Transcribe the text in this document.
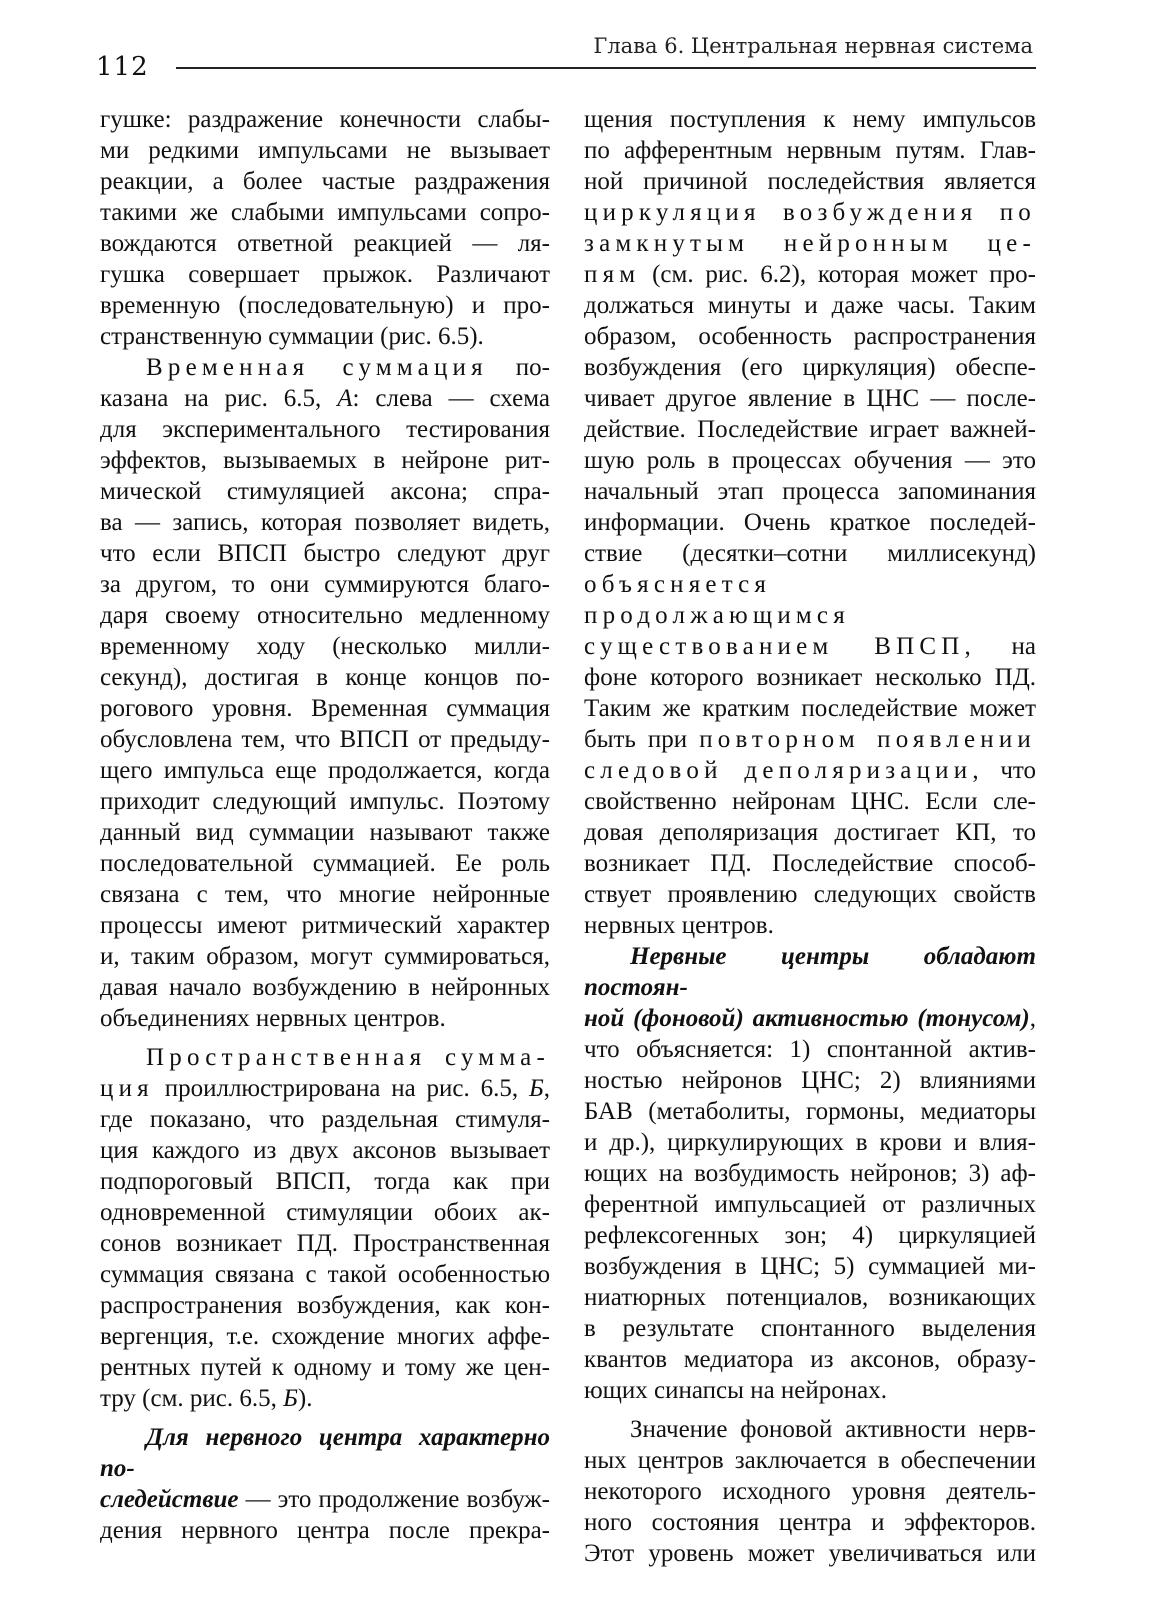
Глава 6. Центральная нервная система
112

гушке: раздражение конечности слабы-

ми редкими импульсами не вызывает

реакции, а более частые раздражения

такими же слабыми импульсами сопро-

вождаются ответной реакцией — ля-

гушка совершает прыжок. Различают

временную (последовательную) и про-

странственную суммации (рис. 6.5).

Временная суммация по-

казана на рис. 6.5, А: слева — схема

для экспериментального тестирования

эффектов, вызываемых в нейроне рит-

мической стимуляцией аксона; спра-

ва — запись, которая позволяет видеть,

что если ВПСП быстро следуют друг

за другом, то они суммируются благо-

даря своему относительно медленному

временному ходу (несколько милли-

секунд), достигая в конце концов по-

рогового уровня. Временная суммация

обусловлена тем, что ВПСП от предыду-

щего импульса еще продолжается, когда

приходит следующий импульс. Поэтому

данный вид суммации называют также

последовательной суммацией. Ее роль

связана с тем, что многие нейронные

процессы имеют ритмический характер

и, таким образом, могут суммироваться,

давая начало возбуждению в нейронных

объединениях нервных центров.

Пространственная сумма-

ция проиллюстрирована на рис. 6.5, Б,

где показано, что раздельная стимуля-

ция каждого из двух аксонов вызывает

подпороговый ВПСП, тогда как при

одновременной стимуляции обоих ак-

сонов возникает ПД. Пространственная

суммация связана с такой особенностью

распространения возбуждения, как кон-

вергенция, т.е. схождение многих аффе-

рентных путей к одному и тому же цен-

тру (см. рис. 6.5, Б).

Для нервного центра характерно по-

следействие — это продолжение возбуж-

дения нервного центра после прекра-

щения поступления к нему импульсов

по афферентным нервным путям. Глав-

ной причиной последействия является

циркуляция возбуждения по

замкнутым нейронным це-

пям (см. рис. 6.2), которая может про-

должаться минуты и даже часы. Таким

образом, особенность распространения

возбуждения (его циркуляция) обеспе-

чивает другое явление в ЦНС — после-

действие. Последействие играет важней-

шую роль в процессах обучения — это

начальный этап процесса запоминания

информации. Очень краткое последей-

ствие (десятки–сотни миллисекунд)

объясняется продолжающимся

существованием ВПСП, на

фоне которого возникает несколько ПД.

Таким же кратким последействие может

быть при повторном появлении

следовой деполяризации, что

свойственно нейронам ЦНС. Если сле-

довая деполяризация достигает КП, то

возникает ПД. Последействие способ-

ствует проявлению следующих свойств

нервных центров.

Нервные центры обладают постоян-

ной (фоновой) активностью (тонусом),

что объясняется: 1) спонтанной актив-

ностью нейронов ЦНС; 2) влияниями

БАВ (метаболиты, гормоны, медиаторы

и др.), циркулирующих в крови и влия-

ющих на возбудимость нейронов; 3) аф-

ферентной импульсацией от различных

рефлексогенных зон; 4) циркуляцией

возбуждения в ЦНС; 5) суммацией ми-

ниатюрных потенциалов, возникающих

в результате спонтанного выделения

квантов медиатора из аксонов, образу-

ющих синапсы на нейронах.

Значение фоновой активности нерв-

ных центров заключается в обеспечении

некоторого исходного уровня деятель-

ного состояния центра и эффекторов.

Этот уровень может увеличиваться или
